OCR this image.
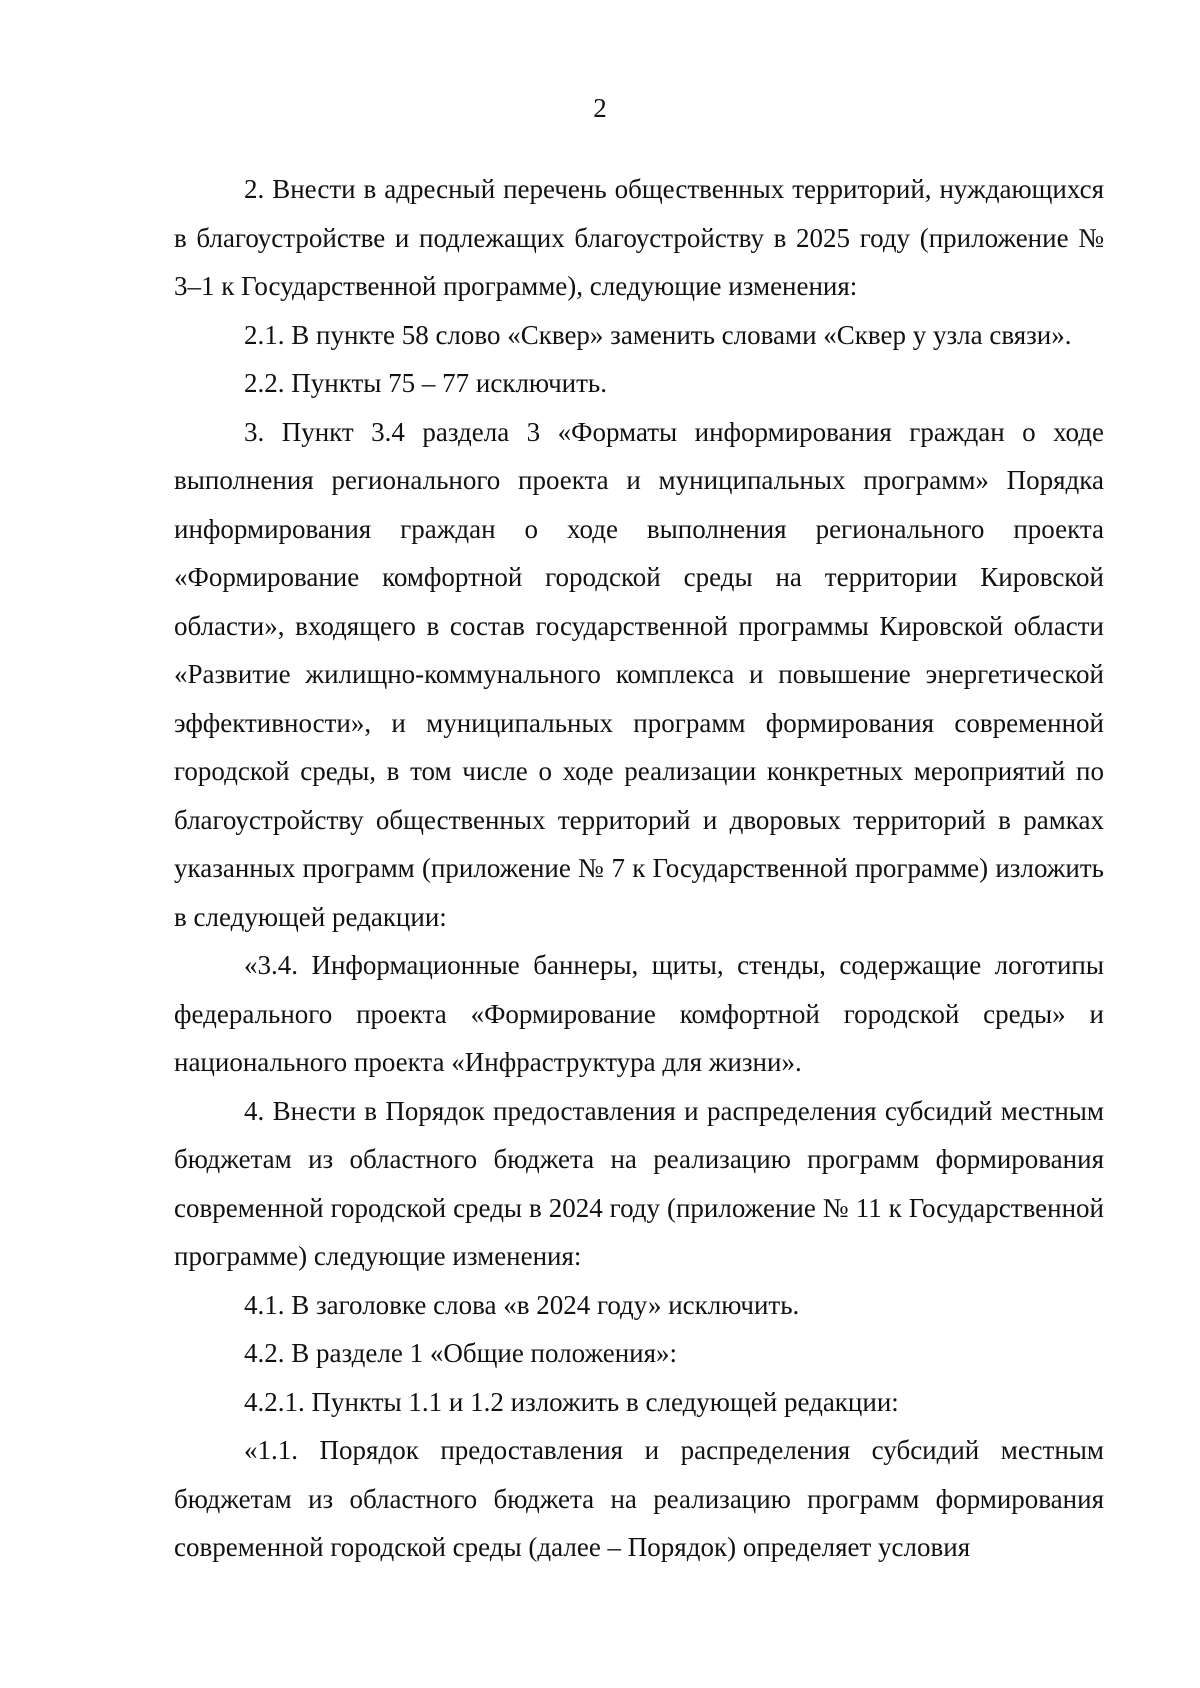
2

2. Внести в адресный перечень общественных территорий, нуждающихся в благоустройстве и подлежащих благоустройству в 2025 году (приложение № 3–1 к Государственной программе), следующие изменения:

2.1. В пункте 58 слово «Сквер» заменить словами «Сквер у узла связи».

2.2. Пункты 75 – 77 исключить.

3. Пункт 3.4 раздела 3 «Форматы информирования граждан о ходе выполнения регионального проекта и муниципальных программ» Порядка информирования граждан о ходе выполнения регионального проекта «Формирование комфортной городской среды на территории Кировской области», входящего в состав государственной программы Кировской области «Развитие жилищно-коммунального комплекса и повышение энергетической эффективности», и муниципальных программ формирования современной городской среды, в том числе о ходе реализации конкретных мероприятий по благоустройству общественных территорий и дворовых территорий в рамках указанных программ (приложение № 7 к Государственной программе) изложить в следующей редакции:

«3.4. Информационные баннеры, щиты, стенды, содержащие логотипы федерального проекта «Формирование комфортной городской среды» и национального проекта «Инфраструктура для жизни».

4. Внести в Порядок предоставления и распределения субсидий местным бюджетам из областного бюджета на реализацию программ формирования современной городской среды в 2024 году (приложение № 11 к Государственной программе) следующие изменения:

4.1. В заголовке слова «в 2024 году» исключить.

4.2. В разделе 1 «Общие положения»:

4.2.1. Пункты 1.1 и 1.2 изложить в следующей редакции:

«1.1. Порядок предоставления и распределения субсидий местным бюджетам из областного бюджета на реализацию программ формирования современной городской среды (далее – Порядок) определяет условия
